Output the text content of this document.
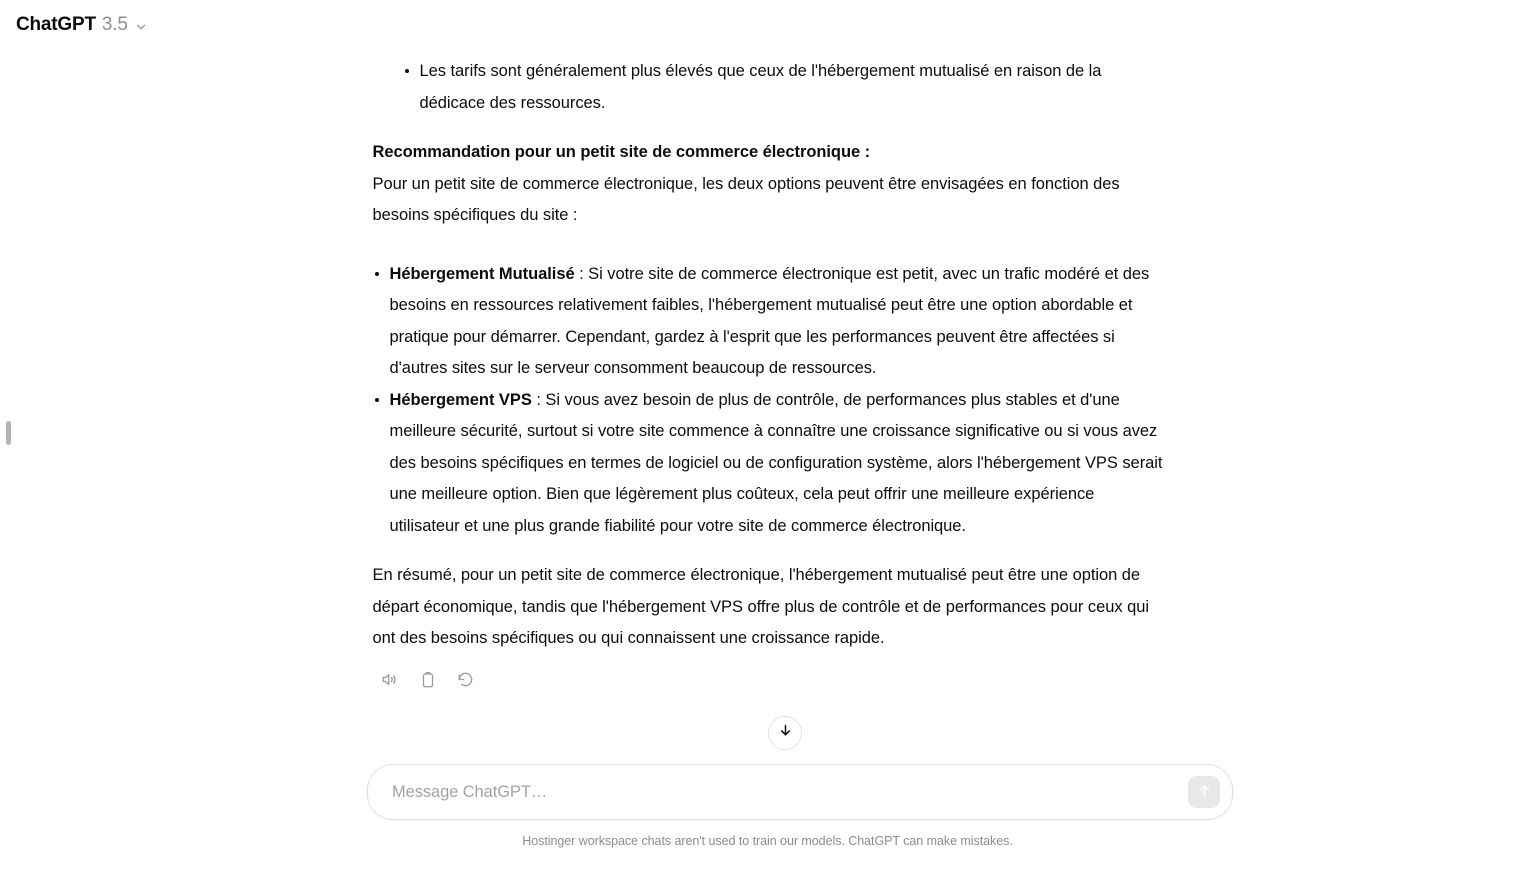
ChatGPT 3.5
Les tarifs sont généralement plus élevés que ceux de l'hébergement mutualisé en raison de la dédicace des ressources.

Recommandation pour un petit site de commerce électronique :

Pour un petit site de commerce électronique, les deux options peuvent être envisagées en fonction des besoins spécifiques du site :

Hébergement Mutualisé : Si votre site de commerce électronique est petit, avec un trafic modéré et des besoins en ressources relativement faibles, l'hébergement mutualisé peut être une option abordable et pratique pour démarrer. Cependant, gardez à l'esprit que les performances peuvent être affectées si d'autres sites sur le serveur consomment beaucoup de ressources.
Hébergement VPS : Si vous avez besoin de plus de contrôle, de performances plus stables et d'une meilleure sécurité, surtout si votre site commence à connaître une croissance significative ou si vous avez des besoins spécifiques en termes de logiciel ou de configuration système, alors l'hébergement VPS serait une meilleure option. Bien que légèrement plus coûteux, cela peut offrir une meilleure expérience utilisateur et une plus grande fiabilité pour votre site de commerce électronique.

En résumé, pour un petit site de commerce électronique, l'hébergement mutualisé peut être une option de départ économique, tandis que l'hébergement VPS offre plus de contrôle et de performances pour ceux qui ont des besoins spécifiques ou qui connaissent une croissance rapide.

Message ChatGPT…
Hostinger workspace chats aren't used to train our models. ChatGPT can make mistakes.
